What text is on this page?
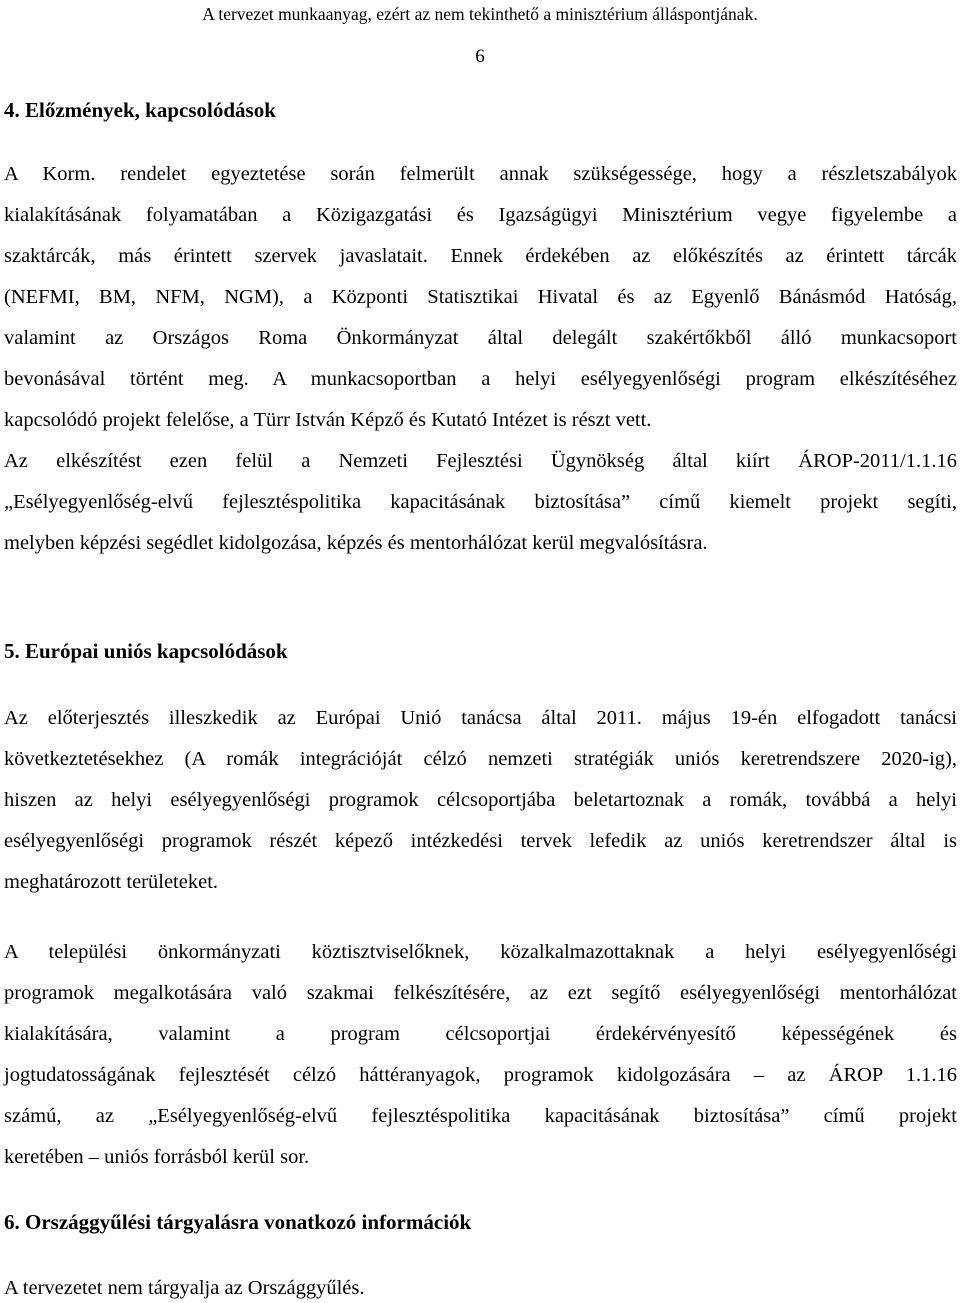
A tervezet munkaanyag, ezért az nem tekinthető a minisztérium álláspontjának.
6
4. Előzmények, kapcsolódások
A Korm. rendelet egyeztetése során felmerült annak szükségessége, hogy a részletszabályok
kialakításának folyamatában a Közigazgatási és Igazságügyi Minisztérium vegye figyelembe a
szaktárcák, más érintett szervek javaslatait. Ennek érdekében az előkészítés az érintett tárcák
(NEFMI, BM, NFM, NGM), a Központi Statisztikai Hivatal és az Egyenlő Bánásmód Hatóság,
valamint az Országos Roma Önkormányzat által delegált szakértőkből álló munkacsoport
bevonásával történt meg. A munkacsoportban a helyi esélyegyenlőségi program elkészítéséhez
kapcsolódó projekt felelőse, a Türr István Képző és Kutató Intézet is részt vett.
Az elkészítést ezen felül a Nemzeti Fejlesztési Ügynökség által kiírt ÁROP-2011/1.1.16
„Esélyegyenlőség-elvű fejlesztéspolitika kapacitásának biztosítása” című kiemelt projekt segíti,
melyben képzési segédlet kidolgozása, képzés és mentorhálózat kerül megvalósításra.
5. Európai uniós kapcsolódások
Az előterjesztés illeszkedik az Európai Unió tanácsa által 2011. május 19-én elfogadott tanácsi
következtetésekhez (A romák integrációját célzó nemzeti stratégiák uniós keretrendszere 2020-ig),
hiszen az helyi esélyegyenlőségi programok célcsoportjába beletartoznak a romák, továbbá a helyi
esélyegyenlőségi programok részét képező intézkedési tervek lefedik az uniós keretrendszer által is
meghatározott területeket.
A települési önkormányzati köztisztviselőknek, közalkalmazottaknak a helyi esélyegyenlőségi
programok megalkotására való szakmai felkészítésére, az ezt segítő esélyegyenlőségi mentorhálózat
kialakítására, valamint a program célcsoportjai érdekérvényesítő képességének és
jogtudatosságának fejlesztését célzó háttéranyagok, programok kidolgozására – az ÁROP 1.1.16
számú, az „Esélyegyenlőség-elvű fejlesztéspolitika kapacitásának biztosítása” című projekt
keretében – uniós forrásból kerül sor.
6. Országgyűlési tárgyalásra vonatkozó információk
A tervezetet nem tárgyalja az Országgyűlés.
